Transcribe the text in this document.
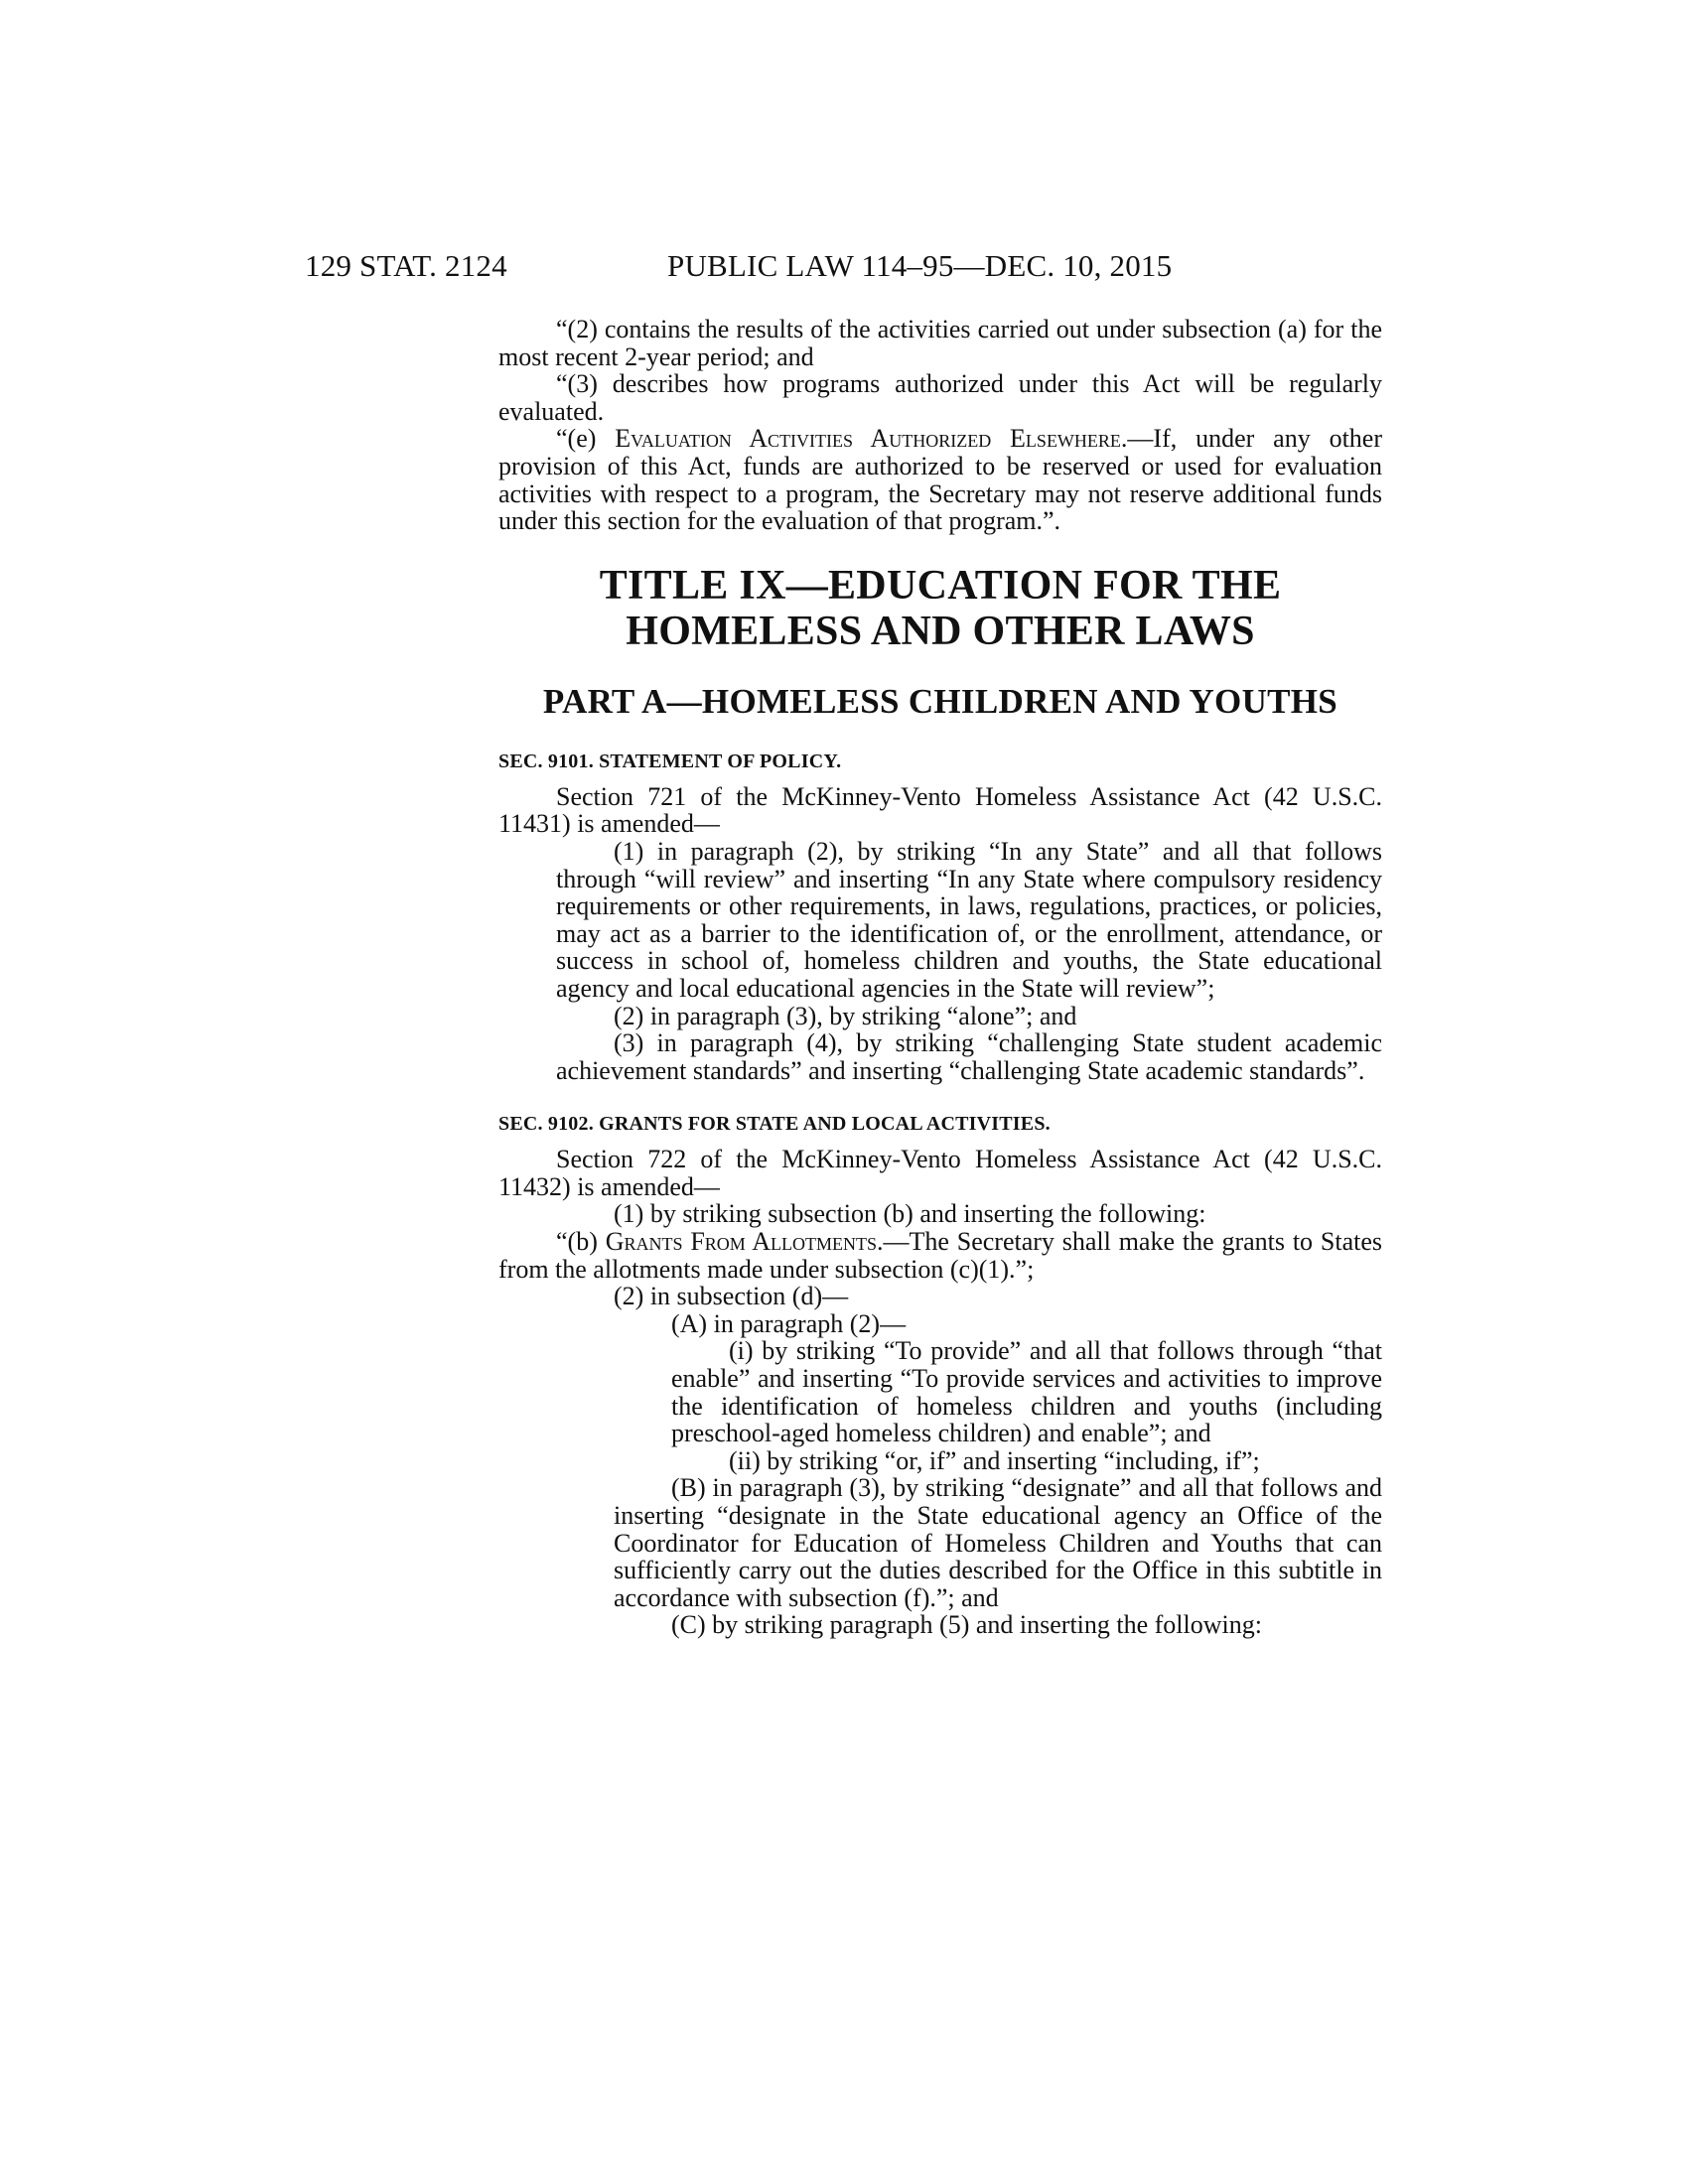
129 STAT. 2124	PUBLIC LAW 114–95—DEC. 10, 2015

“(2) contains the results of the activities carried out under subsection (a) for the most recent 2-year period; and

“(3) describes how programs authorized under this Act will be regularly evaluated.

“(e) Evaluation Activities Authorized Elsewhere.—If, under any other provision of this Act, funds are authorized to be reserved or used for evaluation activities with respect to a program, the Secretary may not reserve additional funds under this section for the evaluation of that program.”.

TITLE IX—EDUCATION FOR THE
HOMELESS AND OTHER LAWS
PART A—HOMELESS CHILDREN AND YOUTHS
SEC. 9101. STATEMENT OF POLICY.

Section 721 of the McKinney-Vento Homeless Assistance Act (42 U.S.C. 11431) is amended—

(1) in paragraph (2), by striking “In any State” and all that follows through “will review” and inserting “In any State where compulsory residency requirements or other requirements, in laws, regulations, practices, or policies, may act as a barrier to the identification of, or the enrollment, attendance, or success in school of, homeless children and youths, the State educational agency and local educational agencies in the State will review”;

(2) in paragraph (3), by striking “alone”; and

(3) in paragraph (4), by striking “challenging State student academic achievement standards” and inserting “challenging State academic standards”.

SEC. 9102. GRANTS FOR STATE AND LOCAL ACTIVITIES.

Section 722 of the McKinney-Vento Homeless Assistance Act (42 U.S.C. 11432) is amended—

(1) by striking subsection (b) and inserting the following:

“(b) Grants From Allotments.—The Secretary shall make the grants to States from the allotments made under subsection (c)(1).”;

(2) in subsection (d)—

(A) in paragraph (2)—

(i) by striking “To provide” and all that follows through “that enable” and inserting “To provide services and activities to improve the identification of homeless children and youths (including preschool-aged homeless children) and enable”; and

(ii) by striking “or, if” and inserting “including, if”;

(B) in paragraph (3), by striking “designate” and all that follows and inserting “designate in the State educational agency an Office of the Coordinator for Education of Homeless Children and Youths that can sufficiently carry out the duties described for the Office in this subtitle in accordance with subsection (f).”; and

(C) by striking paragraph (5) and inserting the following:
